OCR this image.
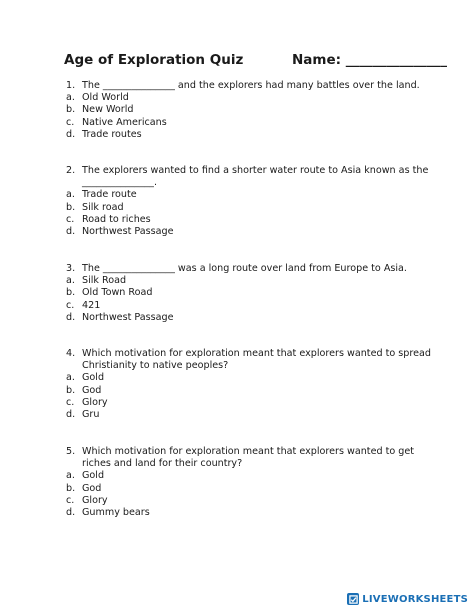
Age of Exploration Quiz	Name: _______________
1. The _______________ and the explorers had many battles over the land.
a. Old World
b. New World
c. Native Americans
d. Trade routes
2. The explorers wanted to find a shorter water route to Asia known as the
_______________.
a. Trade route
b. Silk road
c. Road to riches
d. Northwest Passage
3. The _______________ was a long route over land from Europe to Asia.
a. Silk Road
b. Old Town Road
c. 421
d. Northwest Passage
4. Which motivation for exploration meant that explorers wanted to spread
Christianity to native peoples?
a. Gold
b. God
c. Glory
d. Gru
5. Which motivation for exploration meant that explorers wanted to get
riches and land for their country?
a. Gold
b. God
c. Glory
d. Gummy bears
LIVEWORKSHEETS
